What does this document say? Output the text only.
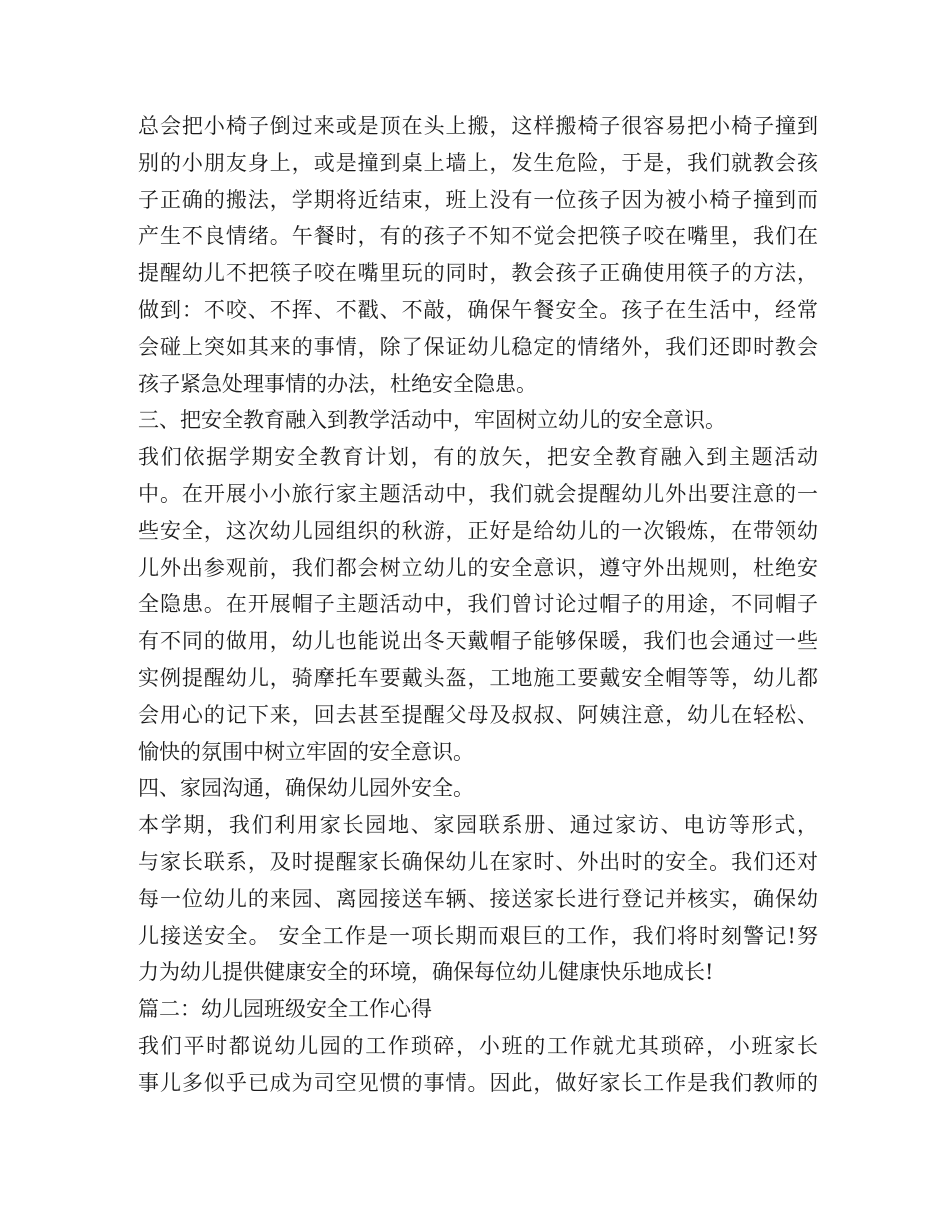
总会把小椅子倒过来或是顶在头上搬，这样搬椅子很容易把小椅子撞到
别的小朋友身上，或是撞到桌上墙上，发生危险，于是，我们就教会孩
子正确的搬法，学期将近结束，班上没有一位孩子因为被小椅子撞到而
产生不良情绪。午餐时，有的孩子不知不觉会把筷子咬在嘴里，我们在
提醒幼儿不把筷子咬在嘴里玩的同时，教会孩子正确使用筷子的方法，
做到：不咬、不挥、不戳、不敲，确保午餐安全。孩子在生活中，经常
会碰上突如其来的事情，除了保证幼儿稳定的情绪外，我们还即时教会
孩子紧急处理事情的办法，杜绝安全隐患。
三、把安全教育融入到教学活动中，牢固树立幼儿的安全意识。
我们依据学期安全教育计划，有的放矢，把安全教育融入到主题活动
中。在开展小小旅行家主题活动中，我们就会提醒幼儿外出要注意的一
些安全，这次幼儿园组织的秋游，正好是给幼儿的一次锻炼，在带领幼
儿外出参观前，我们都会树立幼儿的安全意识，遵守外出规则，杜绝安
全隐患。在开展帽子主题活动中，我们曾讨论过帽子的用途，不同帽子
有不同的做用，幼儿也能说出冬天戴帽子能够保暖，我们也会通过一些
实例提醒幼儿，骑摩托车要戴头盔，工地施工要戴安全帽等等，幼儿都
会用心的记下来，回去甚至提醒父母及叔叔、阿姨注意，幼儿在轻松、
愉快的氛围中树立牢固的安全意识。
四、家园沟通，确保幼儿园外安全。
本学期，我们利用家长园地、家园联系册、通过家访、电访等形式，
与家长联系，及时提醒家长确保幼儿在家时、外出时的安全。我们还对
每一位幼儿的来园、离园接送车辆、接送家长进行登记并核实，确保幼
儿接送安全。 安全工作是一项长期而艰巨的工作，我们将时刻警记!努
力为幼儿提供健康安全的环境，确保每位幼儿健康快乐地成长!
篇二：幼儿园班级安全工作心得
我们平时都说幼儿园的工作琐碎，小班的工作就尤其琐碎，小班家长
事儿多似乎已成为司空见惯的事情。因此，做好家长工作是我们教师的
